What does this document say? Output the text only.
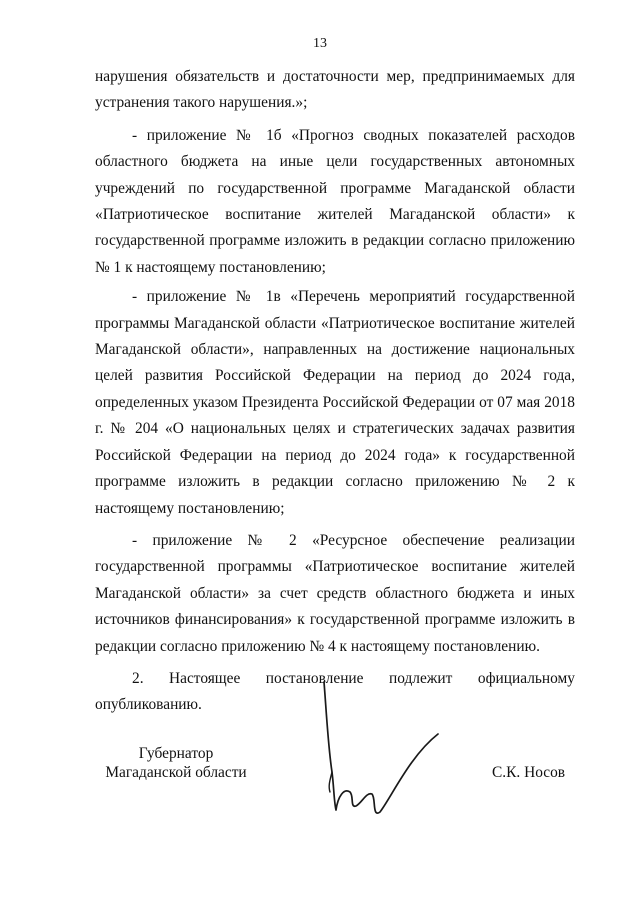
13

нарушения обязательств и достаточности мер, предпринимаемых для устранения такого нарушения.»;

- приложение № 1б «Прогноз сводных показателей расходов областного бюджета на иные цели государственных автономных учреждений по государственной программе Магаданской области «Патриотическое воспитание жителей Магаданской области» к государственной программе изложить в редакции согласно приложению № 1 к настоящему постановлению;

- приложение № 1в «Перечень мероприятий государственной программы Магаданской области «Патриотическое воспитание жителей Магаданской области», направленных на достижение национальных целей развития Российской Федерации на период до 2024 года, определенных указом Президента Российской Федерации от 07 мая 2018 г. № 204 «О национальных целях и стратегических задачах развития Российской Федерации на период до 2024 года» к государственной программе изложить в редакции согласно приложению № 2 к настоящему постановлению;

- приложение № 2 «Ресурсное обеспечение реализации государственной программы «Патриотическое воспитание жителей Магаданской области» за счет средств областного бюджета и иных источников финансирования» к государственной программе изложить в редакции согласно приложению № 4 к настоящему постановлению.

2. Настоящее постановление подлежит официальному опубликованию.

Губернатор
Магаданской области	С.К. Носов
